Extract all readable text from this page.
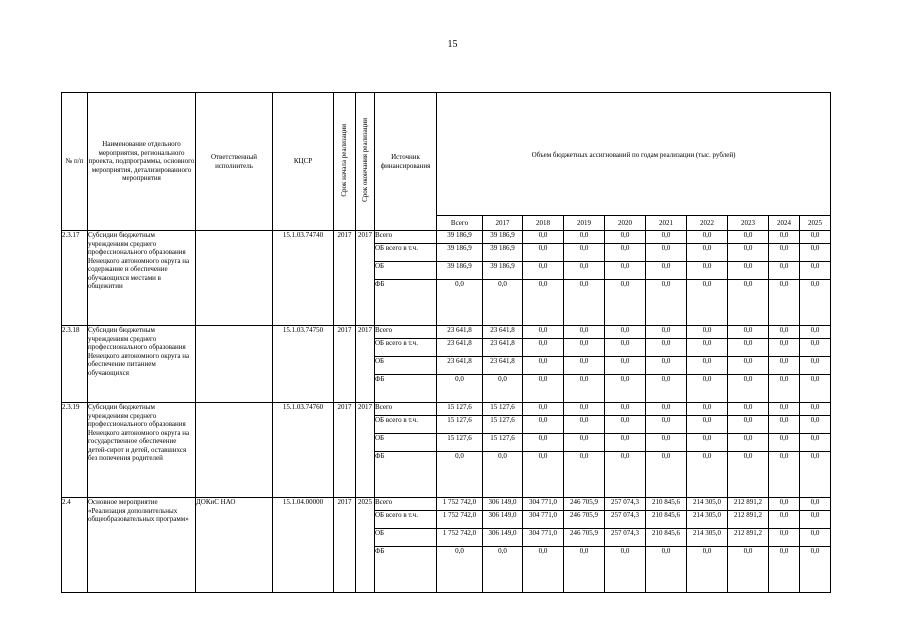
15
№ п/п	Наименование отдельного мероприятия, регионального проекта, подпрограммы, основного мероприятия, детализированного мероприятия	Ответственный исполнитель	КЦСР	Срок начала реализации	Срок окончания реализации	Источник финансирования	Объем бюджетных ассигнований по годам реализации (тыс. рублей)									
							Всего	2017	2018	2019	2020	2021	2022	2023	2024	2025
2.3.17	Субсидии бюджетным учреждениям среднего профессионального образования Ненецкого автономного округа на содержание и обеспечение обучающихся местами в общежитии		15.1.03.74740	2017	2017	Всего	39 186,9	39 186,9	0,0	0,0	0,0	0,0	0,0	0,0	0,0	0,0
						ОБ всего в т.ч.	39 186,9	39 186,9	0,0	0,0	0,0	0,0	0,0	0,0	0,0	0,0
						ОБ	39 186,9	39 186,9	0,0	0,0	0,0	0,0	0,0	0,0	0,0	0,0
						ФБ	0,0	0,0	0,0	0,0	0,0	0,0	0,0	0,0	0,0	0,0
2.3.18	Субсидии бюджетным учреждениям среднего профессионального образования Ненецкого автономного округа на обеспечение питанием обучающихся		15.1.03.74750	2017	2017	Всего	23 641,8	23 641,8	0,0	0,0	0,0	0,0	0,0	0,0	0,0	0,0
						ОБ всего в т.ч.	23 641,8	23 641,8	0,0	0,0	0,0	0,0	0,0	0,0	0,0	0,0
						ОБ	23 641,8	23 641,8	0,0	0,0	0,0	0,0	0,0	0,0	0,0	0,0
						ФБ	0,0	0,0	0,0	0,0	0,0	0,0	0,0	0,0	0,0	0,0
2.3.19	Субсидии бюджетным учреждениям среднего профессионального образования Ненецкого автономного округа на государственное обеспечение детей-сирот и детей, оставшихся без попечения родителей		15.1.03.74760	2017	2017	Всего	15 127,6	15 127,6	0,0	0,0	0,0	0,0	0,0	0,0	0,0	0,0
						ОБ всего в т.ч.	15 127,6	15 127,6	0,0	0,0	0,0	0,0	0,0	0,0	0,0	0,0
						ОБ	15 127,6	15 127,6	0,0	0,0	0,0	0,0	0,0	0,0	0,0	0,0
						ФБ	0,0	0,0	0,0	0,0	0,0	0,0	0,0	0,0	0,0	0,0
2.4	Основное мероприятие «Реализация дополнительных общеобразовательных программ»	ДОКиС НАО	15.1.04.00000	2017	2025	Всего	1 752 742,0	306 149,0	304 771,0	246 705,9	257 074,3	210 845,6	214 305,0	212 891,2	0,0	0,0
						ОБ всего в т.ч.	1 752 742,0	306 149,0	304 771,0	246 705,9	257 074,3	210 845,6	214 305,0	212 891,2	0,0	0,0
						ОБ	1 752 742,0	306 149,0	304 771,0	246 705,9	257 074,3	210 845,6	214 305,0	212 891,2	0,0	0,0
						ФБ	0,0	0,0	0,0	0,0	0,0	0,0	0,0	0,0	0,0	0,0
